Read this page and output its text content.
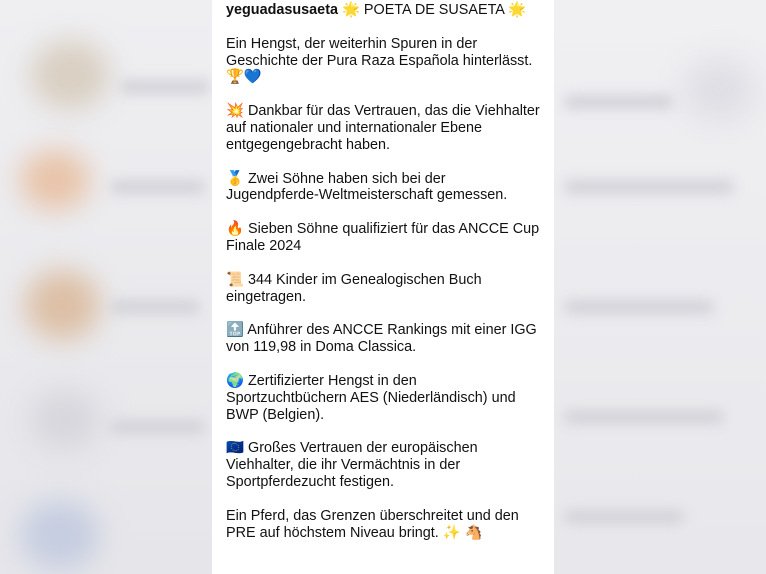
yeguadasusaeta 🌟 POETA DE SUSAETA 🌟
Ein Hengst, der weiterhin Spuren in der Geschichte der Pura Raza Española hinterlässt. 🏆💙
💥 Dankbar für das Vertrauen, das die Viehhalter auf nationaler und internationaler Ebene entgegengebracht haben.
🥇 Zwei Söhne haben sich bei der Jugendpferde-Weltmeisterschaft gemessen.
🔥 Sieben Söhne qualifiziert für das ANCCE Cup Finale 2024
📜 344 Kinder im Genealogischen Buch eingetragen.
🔝 Anführer des ANCCE Rankings mit einer IGG von 119,98 in Doma Classica.
🌍 Zertifizierter Hengst in den Sportzuchtbüchern AES (Niederländisch) und BWP (Belgien).
🇪🇺 Großes Vertrauen der europäischen Viehhalter, die ihr Vermächtnis in der Sportpferdezucht festigen.
Ein Pferd, das Grenzen überschreitet und den PRE auf höchstem Niveau bringt. ✨ 🐴
